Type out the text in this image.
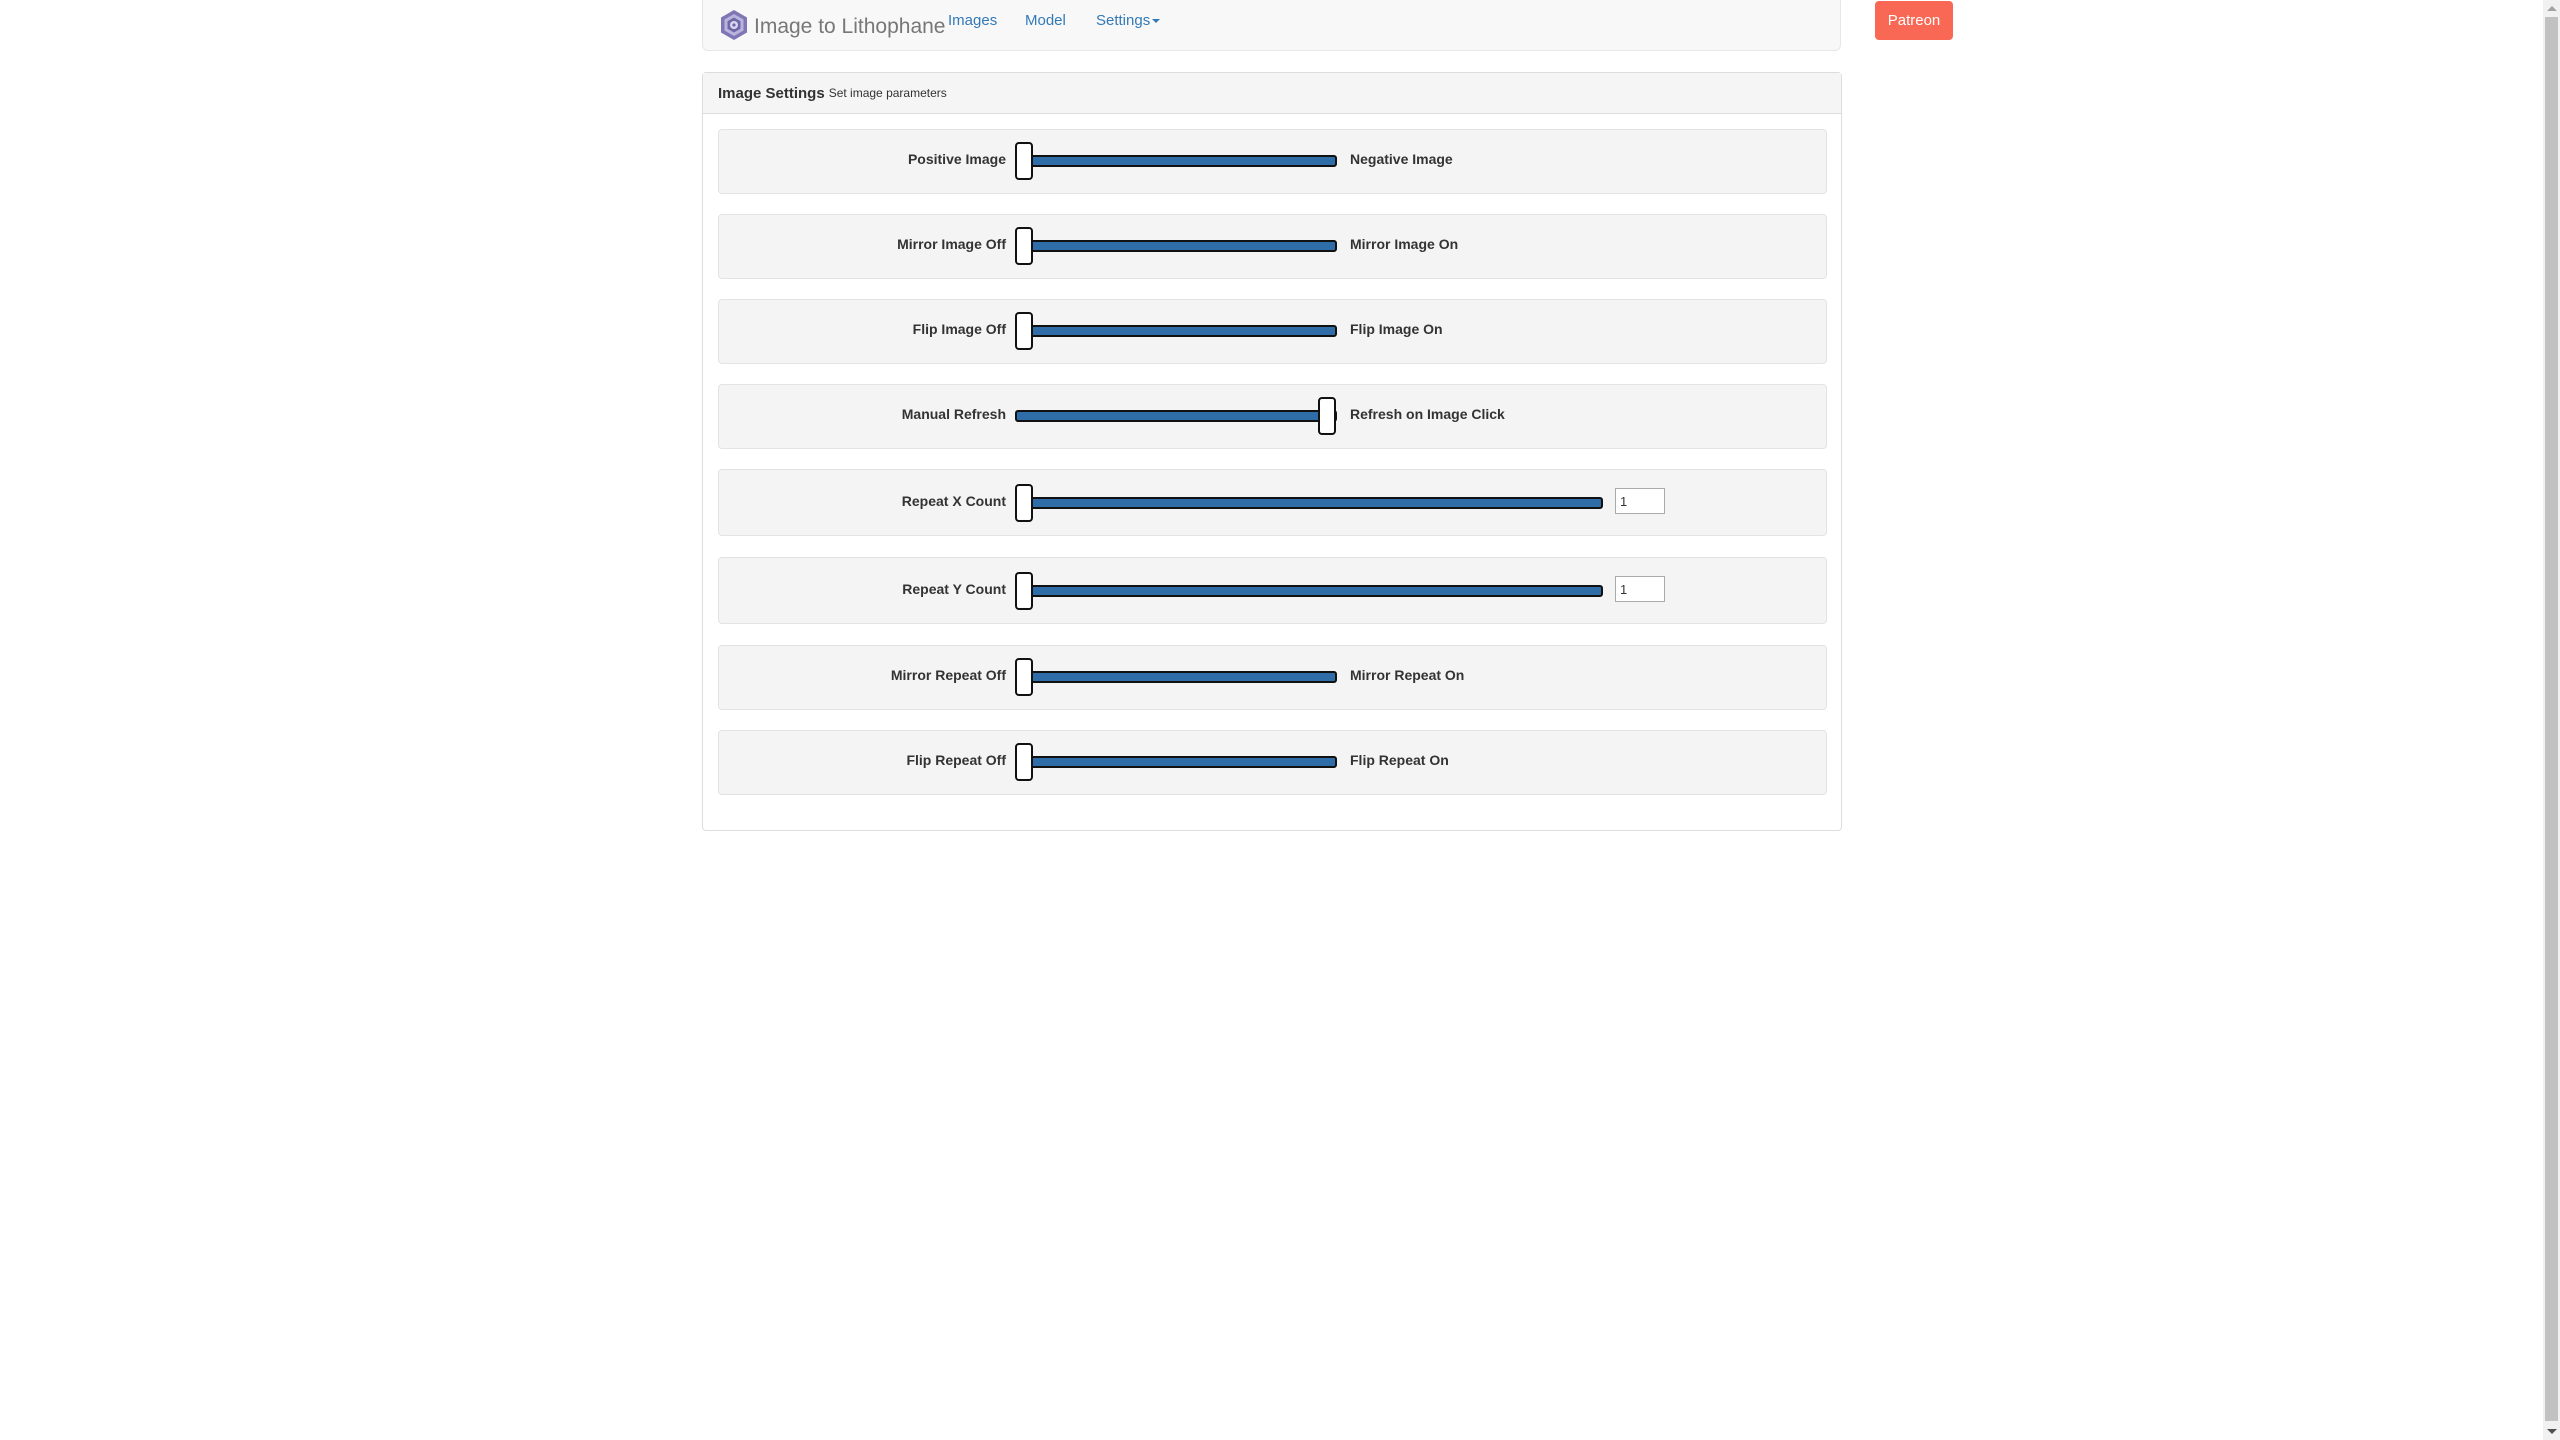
Image to Lithophane Images Model Settings	Patreon
Image Settings Set image parameters
Positive Image	Negative Image
Mirror Image Off	Mirror Image On
Flip Image Off	Flip Image On
Manual Refresh	Refresh on Image Click
Repeat X Count
1
Repeat Y Count
1
Mirror Repeat Off	Mirror Repeat On
Flip Repeat Off	Flip Repeat On
